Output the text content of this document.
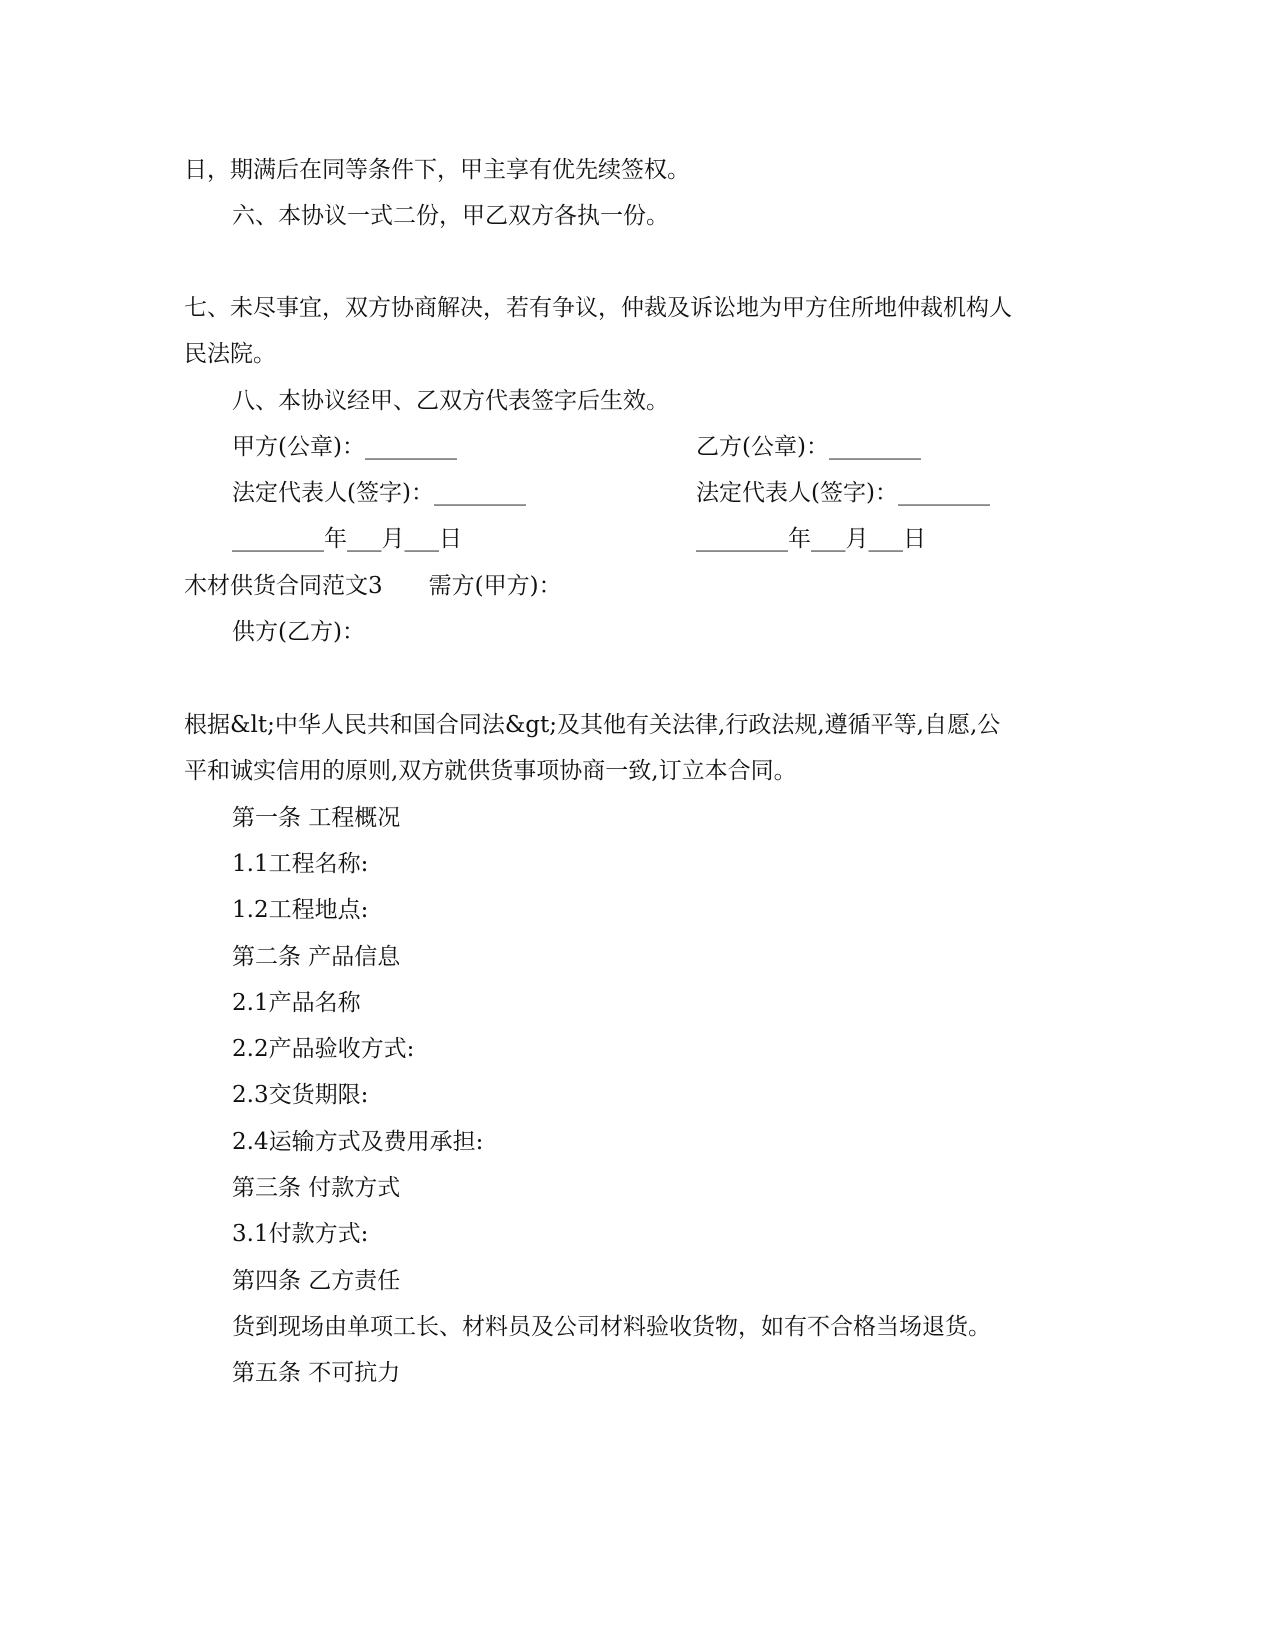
日，期满后在同等条件下，甲主享有优先续签权。
六、本协议一式二份，甲乙双方各执一份。
七、未尽事宜，双方协商解决，若有争议，仲裁及诉讼地为甲方住所地仲裁机构人
民法院。
八、本协议经甲、乙双方代表签字后生效。
甲方(公章)：________	乙方(公章)：________
法定代表人(签字)：________	法定代表人(签字)：________
________年___月___日	________年___月___日
木材供货合同范文3 需方(甲方)：
供方(乙方)：
根据&lt;中华人民共和国合同法&gt;及其他有关法律,行政法规,遵循平等,自愿,公
平和诚实信用的原则,双方就供货事项协商一致,订立本合同。
第一条 工程概况
1.1工程名称:
1.2工程地点:
第二条 产品信息
2.1产品名称
2.2产品验收方式:
2.3交货期限:
2.4运输方式及费用承担:
第三条 付款方式
3.1付款方式:
第四条 乙方责任
货到现场由单项工长、材料员及公司材料验收货物，如有不合格当场退货。
第五条 不可抗力
